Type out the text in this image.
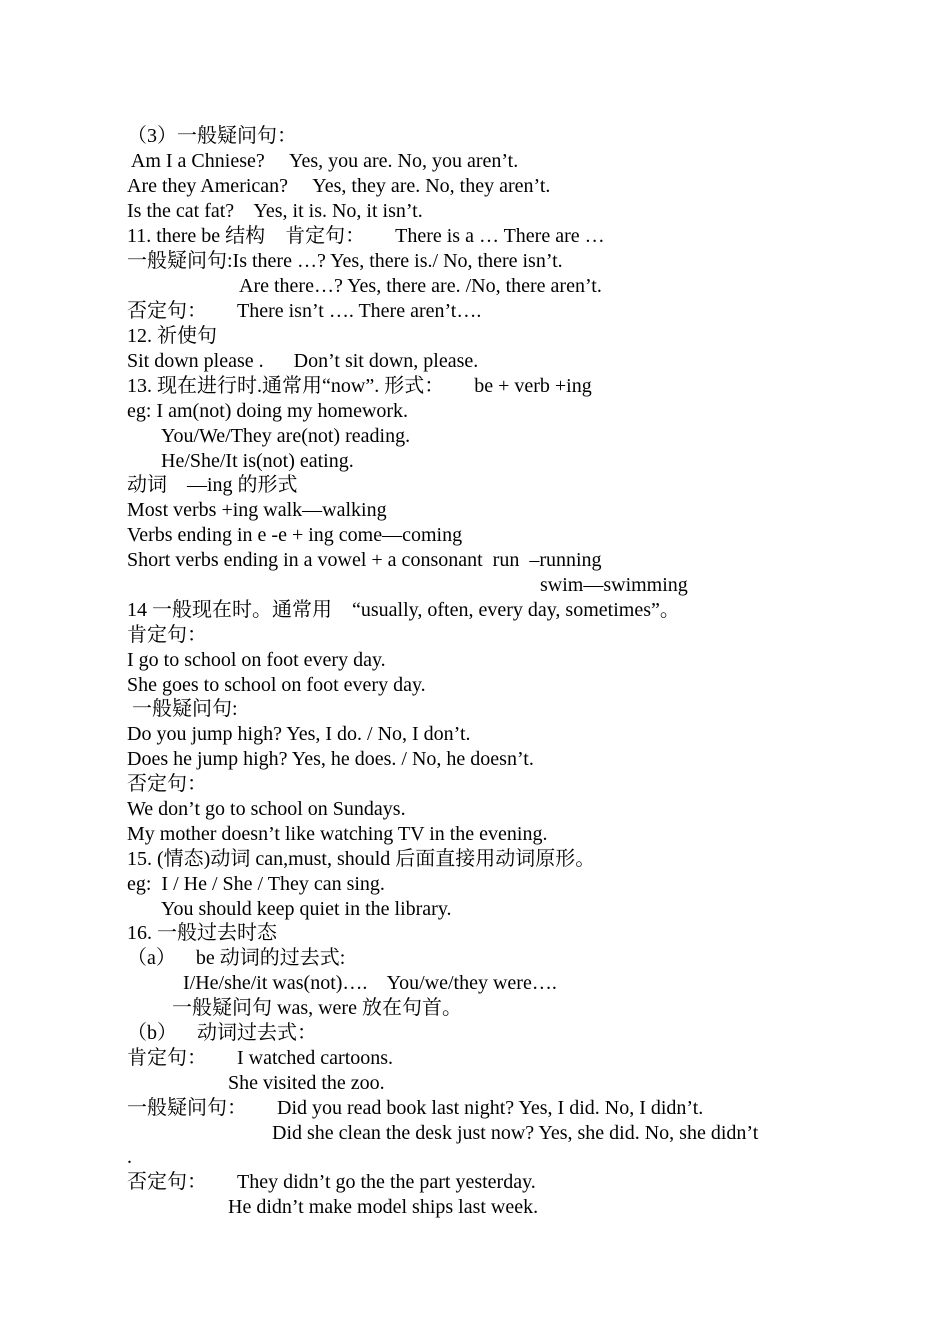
（3）一般疑问句：
Am I a Chniese?     Yes, you are. No, you aren’t.
Are they American?     Yes, they are. No, they aren’t.
Is the cat fat?    Yes, it is. No, it isn’t.
11. there be 结构    肯定句：      There is a … There are …
一般疑问句:Is there …? Yes, there is./ No, there isn’t.
Are there…? Yes, there are. /No, there aren’t.
否定句：      There isn’t …. There aren’t….
12. 祈使句
Sit down please .      Don’t sit down, please.
13. 现在进行时.通常用“now”. 形式：      be + verb +ing
eg: I am(not) doing my homework.
You/We/They are(not) reading.
He/She/It is(not) eating.
动词    —ing 的形式
Most verbs +ing walk—walking
Verbs ending in e -e + ing come—coming
Short verbs ending in a vowel + a consonant  run  –running
swim—swimming
14 一般现在时。通常用    “usually, often, every day, sometimes”。
肯定句：
I go to school on foot every day.
She goes to school on foot every day.
一般疑问句:
Do you jump high? Yes, I do. / No, I don’t.
Does he jump high? Yes, he does. / No, he doesn’t.
否定句：
We don’t go to school on Sundays.
My mother doesn’t like watching TV in the evening.
15. (情态)动词 can,must, should 后面直接用动词原形。
eg:  I / He / She / They can sing.
You should keep quiet in the library.
16. 一般过去时态
（a）    be 动词的过去式:
I/He/she/it was(not)….    You/we/they were….
一般疑问句 was, were 放在句首。
（b）    动词过去式：
肯定句：      I watched cartoons.
She visited the zoo.
一般疑问句：      Did you read book last night? Yes, I did. No, I didn’t.
Did she clean the desk just now? Yes, she did. No, she didn’t
.
否定句：      They didn’t go the the part yesterday.
He didn’t make model ships last week.
